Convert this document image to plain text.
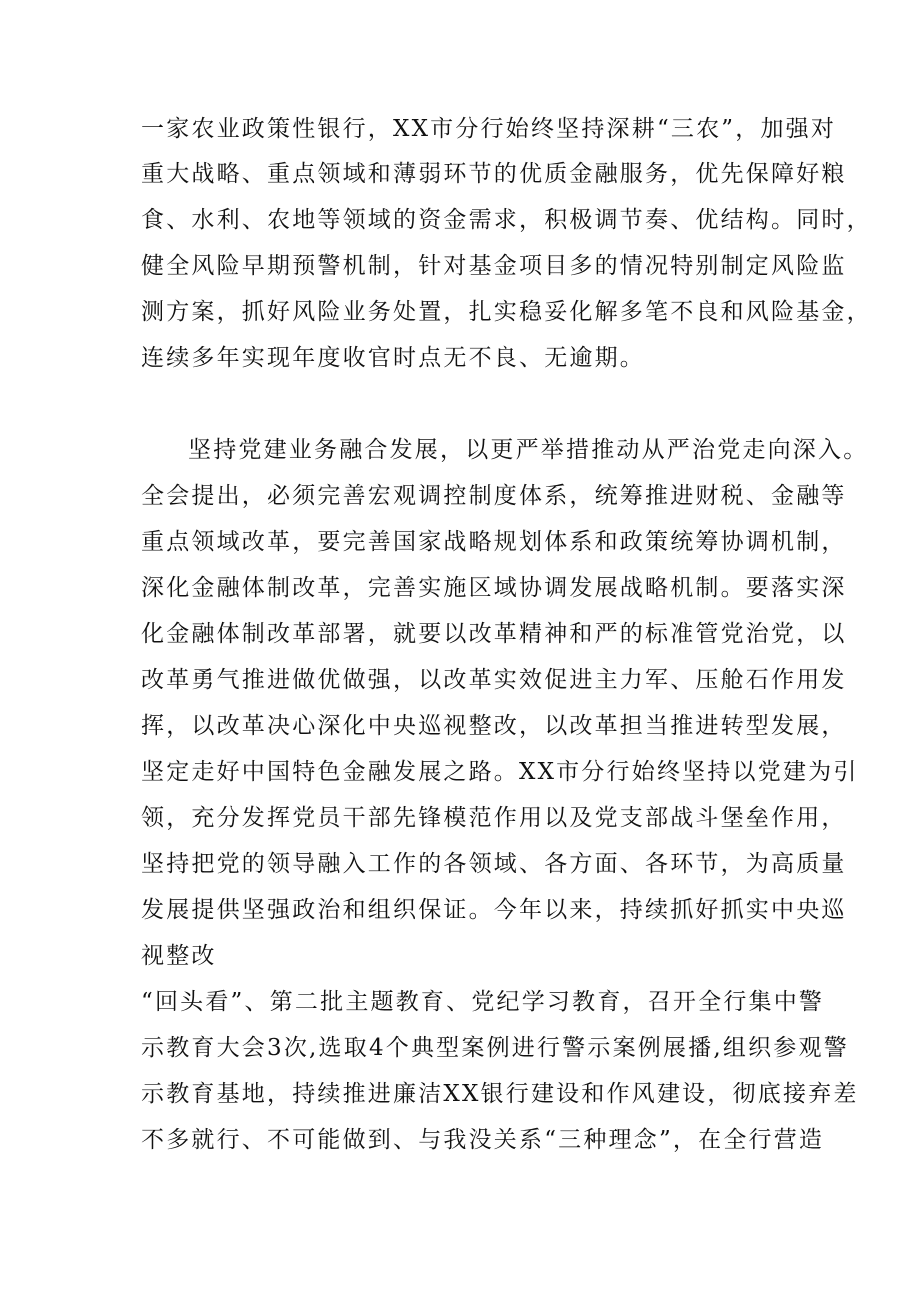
一家农业政策性银行，XX市分行始终坚持深耕“三农”，加强对
重大战略、重点领域和薄弱环节的优质金融服务，优先保障好粮
食、水利、农地等领域的资金需求，积极调节奏、优结构。同时，
健全风险早期预警机制，针对基金项目多的情况特别制定风险监
测方案，抓好风险业务处置，扎实稳妥化解多笔不良和风险基金，
连续多年实现年度收官时点无不良、无逾期。
坚持党建业务融合发展，以更严举措推动从严治党走向深入。
全会提出，必须完善宏观调控制度体系，统筹推进财税、金融等
重点领域改革，要完善国家战略规划体系和政策统筹协调机制，
深化金融体制改革，完善实施区域协调发展战略机制。要落实深
化金融体制改革部署，就要以改革精神和严的标准管党治党，以
改革勇气推进做优做强，以改革实效促进主力军、压舱石作用发
挥，以改革决心深化中央巡视整改，以改革担当推进转型发展，
坚定走好中国特色金融发展之路。XX市分行始终坚持以党建为引
领，充分发挥党员干部先锋模范作用以及党支部战斗堡垒作用，
坚持把党的领导融入工作的各领域、各方面、各环节，为高质量
发展提供坚强政治和组织保证。今年以来，持续抓好抓实中央巡
视整改
“回头看”、第二批主题教育、党纪学习教育，召开全行集中警
示教育大会3次,选取4个典型案例进行警示案例展播,组织参观警
示教育基地，持续推进廉洁XX银行建设和作风建设，彻底接弃差
不多就行、不可能做到、与我没关系“三种理念”，在全行营造
